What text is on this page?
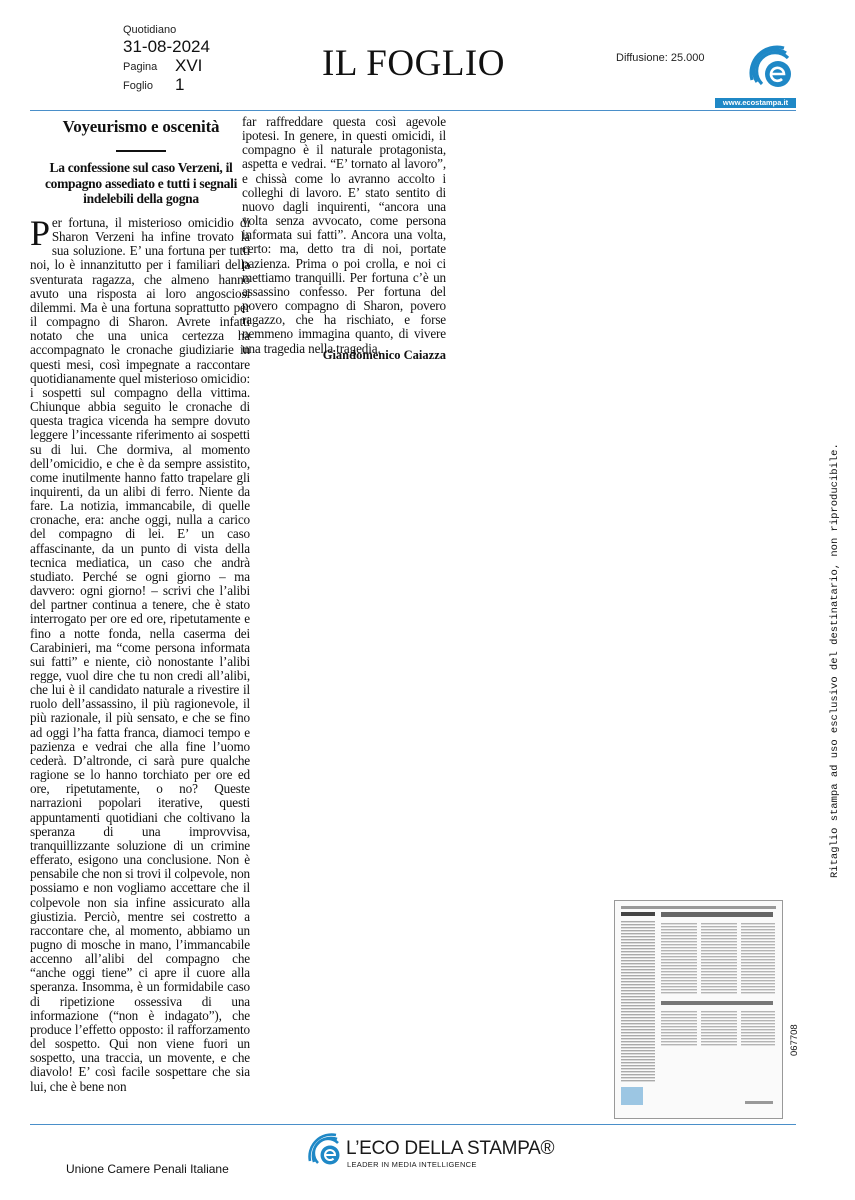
Quotidiano
31-08-2024
Pagina XVI
Foglio 1
IL FOGLIO	Diffusione: 25.000
www.ecostampa.it
Voyeurismo e oscenità
La confessione sul caso Verzeni, il compagno assediato e tutti i segnali indelebili della gogna

Per fortuna, il misterioso omicidio di Sharon Verzeni ha infine trovato la sua soluzione. E’ una fortuna per tutti noi, lo è innanzitutto per i familiari della sventurata ragazza, che almeno hanno avuto una risposta ai loro angosciosi dilemmi. Ma è una fortuna soprattutto per il compagno di Sharon. Avrete infatti notato che una unica certezza ha accompagnato le cronache giudiziarie in questi mesi, così impegnate a raccontare quotidianamente quel misterioso omicidio: i sospetti sul compagno della vittima. Chiunque abbia seguito le cronache di questa tragica vicenda ha sempre dovuto leggere l’incessante riferimento ai sospetti su di lui. Che dormiva, al momento dell’omicidio, e che è da sempre assistito, come inutilmente hanno fatto trapelare gli inquirenti, da un alibi di ferro. Niente da fare. La notizia, immancabile, di quelle cronache, era: anche oggi, nulla a carico del compagno di lei. E’ un caso affascinante, da un punto di vista della tecnica mediatica, un caso che andrà studiato. Perché se ogni giorno – ma davvero: ogni giorno! – scrivi che l’alibi del partner continua a tenere, che è stato interrogato per ore ed ore, ripetutamente e fino a notte fonda, nella caserma dei Carabinieri, ma “come persona informata sui fatti” e niente, ciò nonostante l’alibi regge, vuol dire che tu non credi all’alibi, che lui è il candidato naturale a rivestire il ruolo dell’assassino, il più ragionevole, il più razionale, il più sensato, e che se fino ad oggi l’ha fatta franca, diamoci tempo e pazienza e vedrai che alla fine l’uomo cederà. D’altronde, ci sarà pure qualche ragione se lo hanno torchiato per ore ed ore, ripetutamente, o no? Queste narrazioni popolari iterative, questi appuntamenti quotidiani che coltivano la speranza di una improvvisa, tranquillizzante soluzione di un crimine efferato, esigono una conclusione. Non è pensabile che non si trovi il colpevole, non possiamo e non vogliamo accettare che il colpevole non sia infine assicurato alla giustizia. Perciò, mentre sei costretto a raccontare che, al momento, abbiamo un pugno di mosche in mano, l’immancabile accenno all’alibi del compagno che “anche oggi tiene” ci apre il cuore alla speranza. Insomma, è un formidabile caso di ripetizione ossessiva di una informazione (“non è indagato”), che produce l’effetto opposto: il rafforzamento del sospetto. Qui non viene fuori un sospetto, una traccia, un movente, e che diavolo! E’ così facile sospettare che sia lui, che è bene non

far raffreddare questa così agevole ipotesi. In genere, in questi omicidi, il compagno è il naturale protagonista, aspetta e vedrai. “E’ tornato al lavoro”, e chissà come lo avranno accolto i colleghi di lavoro. E’ stato sentito di nuovo dagli inquirenti, “ancora una volta senza avvocato, come persona informata sui fatti”. Ancora una volta, certo: ma, detto tra di noi, portate pazienza. Prima o poi crolla, e noi ci mettiamo tranquilli. Per fortuna c’è un assassino confesso. Per fortuna del povero compagno di Sharon, povero ragazzo, che ha rischiato, e forse nemmeno immagina quanto, di vivere una tragedia nella tragedia.

Giandomenico Caiazza
Ritaglio stampa ad uso esclusivo del destinatario, non riproducibile.
067708
L’ECO DELLA STAMPA®
LEADER IN MEDIA INTELLIGENCE
Unione Camere Penali Italiane
